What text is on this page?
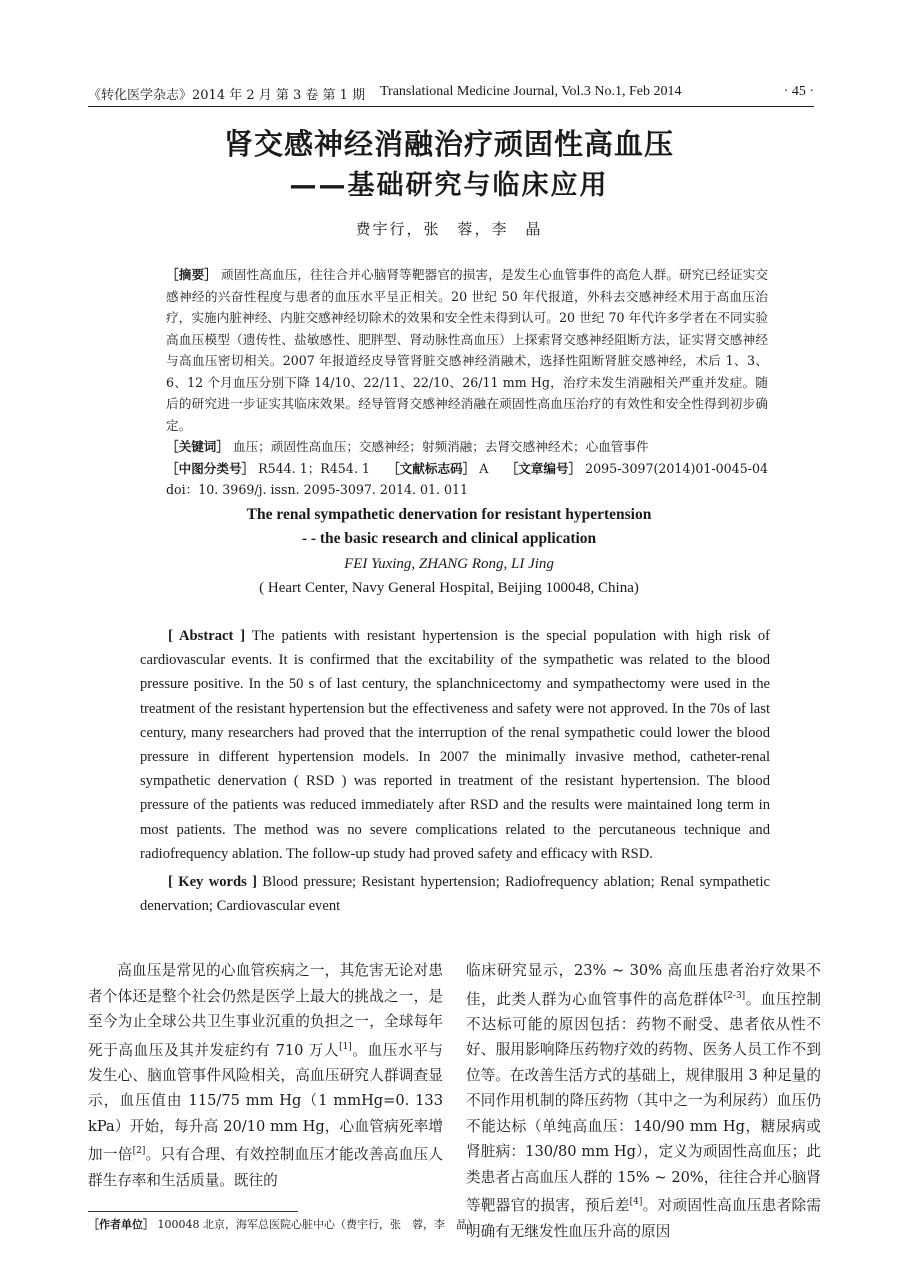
《转化医学杂志》2014 年 2 月 第 3 卷 第 1 期 Translational Medicine Journal, Vol.3 No.1, Feb 2014	· 45 ·
肾交感神经消融治疗顽固性高血压
——基础研究与临床应用
费宇行，张　蓉，李　晶

［摘要］ 顽固性高血压，往往合并心脑肾等靶器官的损害，是发生心血管事件的高危人群。研究已经证实交感神经的兴奋性程度与患者的血压水平呈正相关。20 世纪 50 年代报道，外科去交感神经术用于高血压治疗，实施内脏神经、内脏交感神经切除术的效果和安全性未得到认可。20 世纪 70 年代许多学者在不同实验高血压模型（遗传性、盐敏感性、肥胖型、肾动脉性高血压）上探索肾交感神经阻断方法，证实肾交感神经与高血压密切相关。2007 年报道经皮导管肾脏交感神经消融术，选择性阻断肾脏交感神经，术后 1、3、6、12 个月血压分别下降 14/10、22/11、22/10、26/11 mm Hg，治疗未发生消融相关严重并发症。随后的研究进一步证实其临床效果。经导管肾交感神经消融在顽固性高血压治疗的有效性和安全性得到初步确定。

［关键词］ 血压；顽固性高血压；交感神经；射频消融；去肾交感神经术；心血管事件

［中图分类号］ R544. 1；R454. 1 ［文献标志码］ A ［文章编号］ 2095-3097(2014)01-0045-04

doi：10. 3969/j. issn. 2095-3097. 2014. 01. 011

The renal sympathetic denervation for resistant hypertension
- - the basic research and clinical application
FEI Yuxing, ZHANG Rong, LI Jing
( Heart Center, Navy General Hospital, Beijing 100048, China)

[ Abstract ] The patients with resistant hypertension is the special population with high risk of cardiovascular events. It is confirmed that the excitability of the sympathetic was related to the blood pressure positive. In the 50 s of last century, the splanchnicectomy and sympathectomy were used in the treatment of the resistant hypertension but the effectiveness and safety were not approved. In the 70s of last century, many researchers had proved that the interruption of the renal sympathetic could lower the blood pressure in different hypertension models. In 2007 the minimally invasive method, catheter-renal sympathetic denervation ( RSD ) was reported in treatment of the resistant hypertension. The blood pressure of the patients was reduced immediately after RSD and the results were maintained long term in most patients. The method was no severe complications related to the percutaneous technique and radiofrequency ablation. The follow-up study had proved safety and efficacy with RSD.

[ Key words ] Blood pressure; Resistant hypertension; Radiofrequency ablation; Renal sympathetic denervation; Cardiovascular event

高血压是常见的心血管疾病之一，其危害无论对患者个体还是整个社会仍然是医学上最大的挑战之一，是至今为止全球公共卫生事业沉重的负担之一，全球每年死于高血压及其并发症约有 710 万人[1]。血压水平与发生心、脑血管事件风险相关，高血压研究人群调查显示，血压值由 115/75 mm Hg（1 mmHg=0. 133 kPa）开始，每升高 20/10 mm Hg，心血管病死率增加一倍[2]。只有合理、有效控制血压才能改善高血压人群生存率和生活质量。既往的

临床研究显示，23% ~ 30% 高血压患者治疗效果不佳，此类人群为心血管事件的高危群体[2-3]。血压控制不达标可能的原因包括：药物不耐受、患者依从性不好、服用影响降压药物疗效的药物、医务人员工作不到位等。在改善生活方式的基础上，规律服用 3 种足量的不同作用机制的降压药物（其中之一为利尿药）血压仍不能达标（单纯高血压：140/90 mm Hg，糖尿病或肾脏病：130/80 mm Hg），定义为顽固性高血压；此类患者占高血压人群的 15% ~ 20%，往往合并心脑肾等靶器官的损害，预后差[4]。对顽固性高血压患者除需明确有无继发性血压升高的原因

［作者单位］ 100048 北京，海军总医院心脏中心（费宇行，张　蓉，李　晶）
